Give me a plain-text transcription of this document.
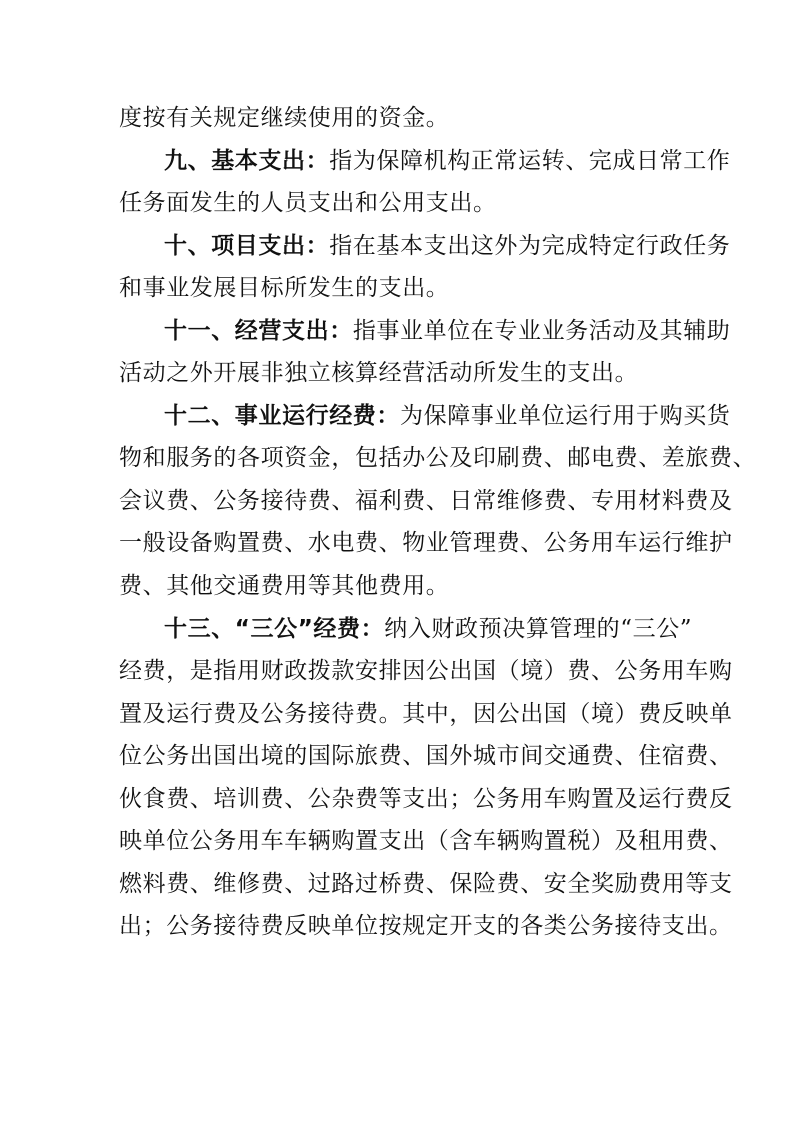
度按有关规定继续使用的资金。
九、基本支出：指为保障机构正常运转、完成日常工作
任务面发生的人员支出和公用支出。
十、项目支出：指在基本支出这外为完成特定行政任务
和事业发展目标所发生的支出。
十一、经营支出：指事业单位在专业业务活动及其辅助
活动之外开展非独立核算经营活动所发生的支出。
十二、事业运行经费：为保障事业单位运行用于购买货
物和服务的各项资金，包括办公及印刷费、邮电费、差旅费、
会议费、公务接待费、福利费、日常维修费、专用材料费及
一般设备购置费、水电费、物业管理费、公务用车运行维护
费、其他交通费用等其他费用。
十三、“三公”经费：纳入财政预决算管理的“三公”
经费，是指用财政拨款安排因公出国（境）费、公务用车购
置及运行费及公务接待费。其中，因公出国（境）费反映单
位公务出国出境的国际旅费、国外城市间交通费、住宿费、
伙食费、培训费、公杂费等支出；公务用车购置及运行费反
映单位公务用车车辆购置支出（含车辆购置税）及租用费、
燃料费、维修费、过路过桥费、保险费、安全奖励费用等支
出；公务接待费反映单位按规定开支的各类公务接待支出。
